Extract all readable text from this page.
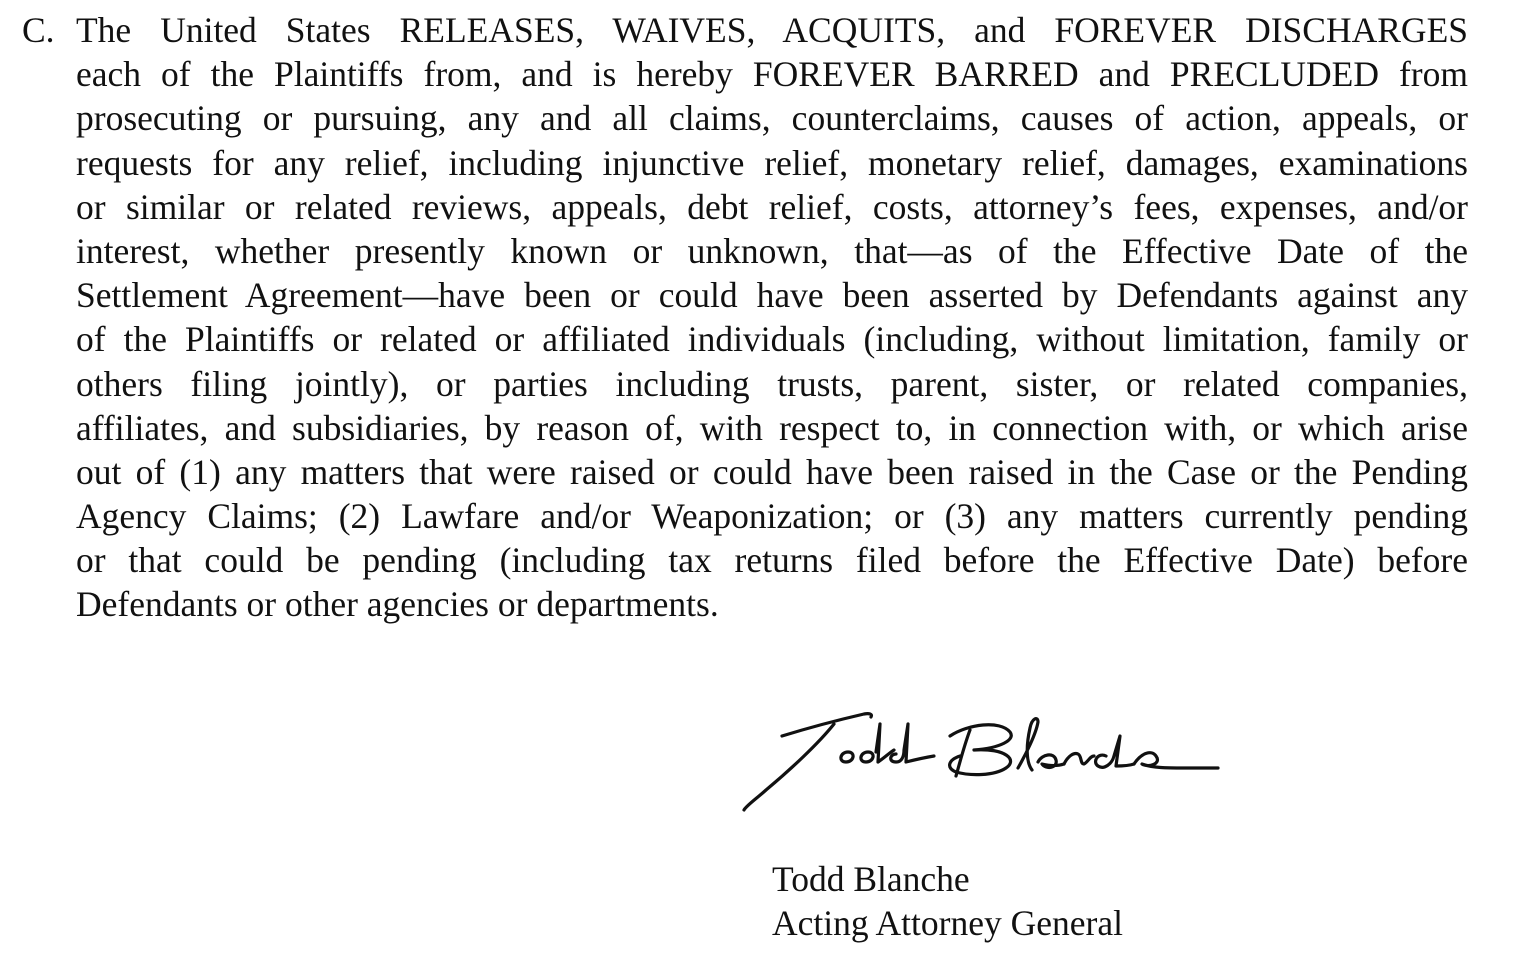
C. The United States RELEASES, WAIVES, ACQUITS, and FOREVER DISCHARGES
each of the Plaintiffs from, and is hereby FOREVER BARRED and PRECLUDED from
prosecuting or pursuing, any and all claims, counterclaims, causes of action, appeals, or
requests for any relief, including injunctive relief, monetary relief, damages, examinations
or similar or related reviews, appeals, debt relief, costs, attorney’s fees, expenses, and/or
interest, whether presently known or unknown, that—as of the Effective Date of the
Settlement Agreement—have been or could have been asserted by Defendants against any
of the Plaintiffs or related or affiliated individuals (including, without limitation, family or
others filing jointly), or parties including trusts, parent, sister, or related companies,
affiliates, and subsidiaries, by reason of, with respect to, in connection with, or which arise
out of (1) any matters that were raised or could have been raised in the Case or the Pending
Agency Claims; (2) Lawfare and/or Weaponization; or (3) any matters currently pending
or that could be pending (including tax returns filed before the Effective Date) before
Defendants or other agencies or departments.
Todd Blanche
Acting Attorney General
